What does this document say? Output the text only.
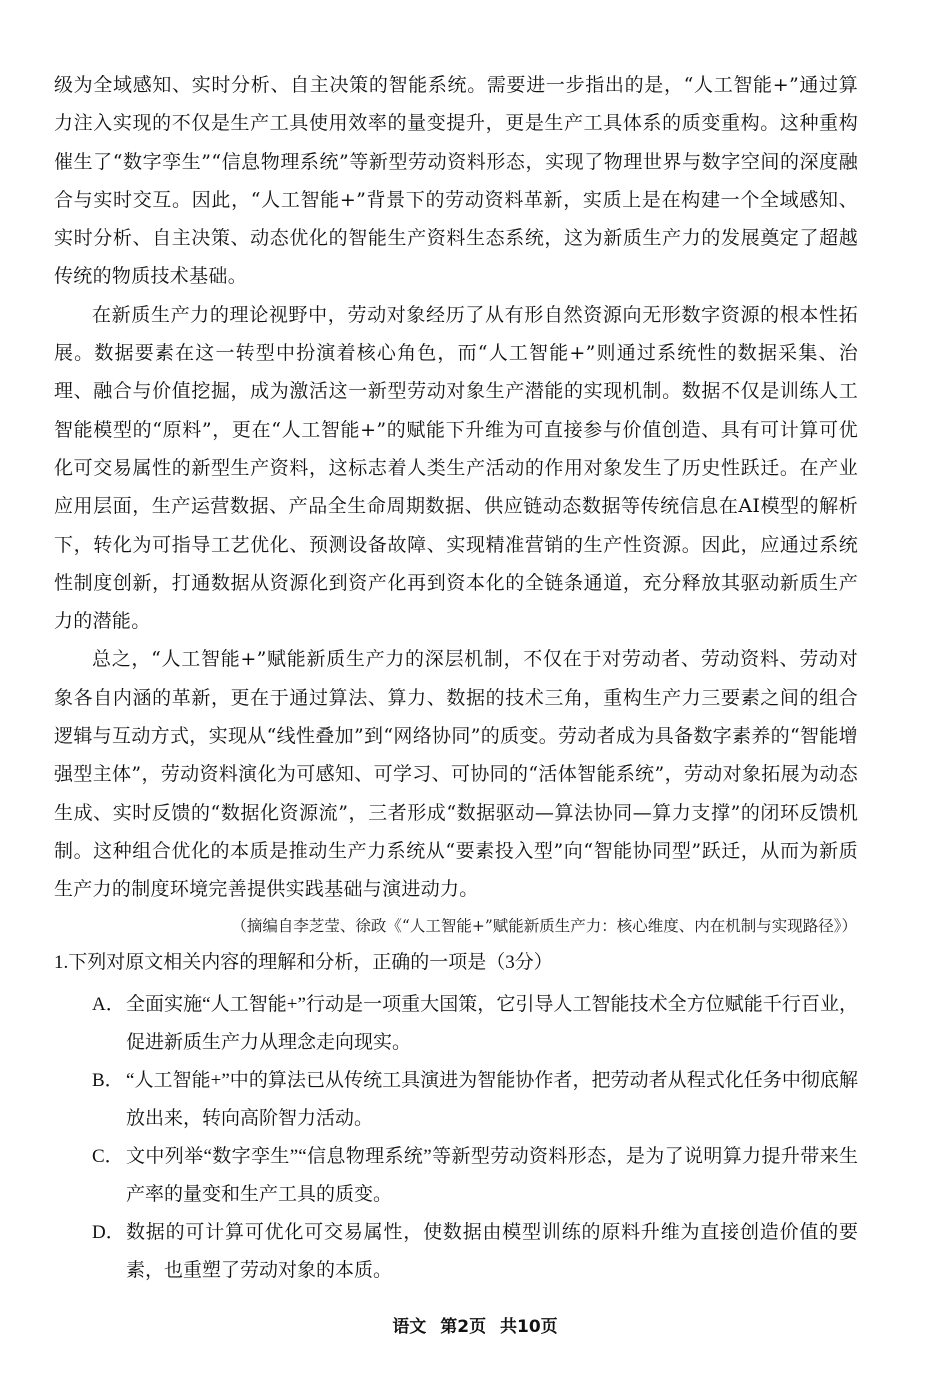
级为全域感知、实时分析、自主决策的智能系统。需要进一步指出的是，“人工智能+”通过算力注入实现的不仅是生产工具使用效率的量变提升，更是生产工具体系的质变重构。这种重构催生了“数字孪生”“信息物理系统”等新型劳动资料形态，实现了物理世界与数字空间的深度融合与实时交互。因此，“人工智能+”背景下的劳动资料革新，实质上是在构建一个全域感知、实时分析、自主决策、动态优化的智能生产资料生态系统，这为新质生产力的发展奠定了超越传统的物质技术基础。

在新质生产力的理论视野中，劳动对象经历了从有形自然资源向无形数字资源的根本性拓展。数据要素在这一转型中扮演着核心角色，而“人工智能+”则通过系统性的数据采集、治理、融合与价值挖掘，成为激活这一新型劳动对象生产潜能的实现机制。数据不仅是训练人工智能模型的“原料”，更在“人工智能+”的赋能下升维为可直接参与价值创造、具有可计算可优化可交易属性的新型生产资料，这标志着人类生产活动的作用对象发生了历史性跃迁。在产业应用层面，生产运营数据、产品全生命周期数据、供应链动态数据等传统信息在AI模型的解析下，转化为可指导工艺优化、预测设备故障、实现精准营销的生产性资源。因此，应通过系统性制度创新，打通数据从资源化到资产化再到资本化的全链条通道，充分释放其驱动新质生产力的潜能。

总之，“人工智能+”赋能新质生产力的深层机制，不仅在于对劳动者、劳动资料、劳动对象各自内涵的革新，更在于通过算法、算力、数据的技术三角，重构生产力三要素之间的组合逻辑与互动方式，实现从“线性叠加”到“网络协同”的质变。劳动者成为具备数字素养的“智能增强型主体”，劳动资料演化为可感知、可学习、可协同的“活体智能系统”，劳动对象拓展为动态生成、实时反馈的“数据化资源流”，三者形成“数据驱动—算法协同—算力支撑”的闭环反馈机制。这种组合优化的本质是推动生产力系统从“要素投入型”向“智能协同型”跃迁，从而为新质生产力的制度环境完善提供实践基础与演进动力。

（摘编自李芝莹、徐政《“人工智能+”赋能新质生产力：核心维度、内在机制与实现路径》）

1.下列对原文相关内容的理解和分析，正确的一项是（3分）

A． 全面实施“人工智能+”行动是一项重大国策，它引导人工智能技术全方位赋能千行百业，促进新质生产力从理念走向现实。
B． “人工智能+”中的算法已从传统工具演进为智能协作者，把劳动者从程式化任务中彻底解放出来，转向高阶智力活动。
C． 文中列举“数字孪生”“信息物理系统”等新型劳动资料形态，是为了说明算力提升带来生产率的量变和生产工具的质变。
D． 数据的可计算可优化可交易属性，使数据由模型训练的原料升维为直接创造价值的要素，也重塑了劳动对象的本质。
语文 第2页 共10页
